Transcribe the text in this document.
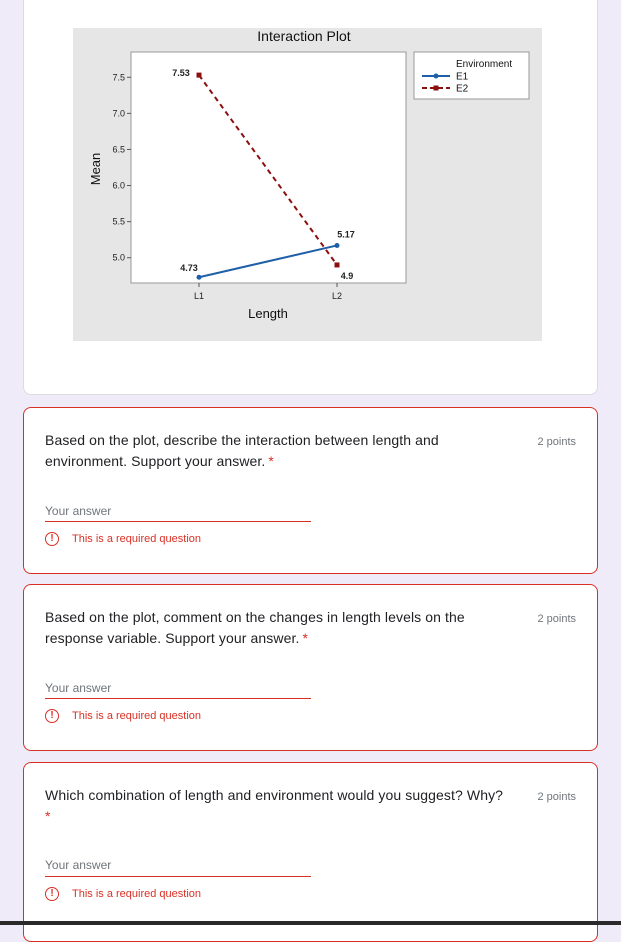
Interaction Plot
7.5
7.0
6.5
6.0
5.5
5.0
Mean
L1	L2
Length
4.73
5.17
7.53
4.9
Environment
E1
E2
Based on the plot, describe the interaction between length and environment. Support your answer. *
2 points
Your answer
!	This is a required question
Based on the plot, comment on the changes in length levels on the response variable. Support your answer. *
2 points
Your answer
!	This is a required question
Which combination of length and environment would you suggest? Why?
*
2 points
Your answer
!	This is a required question
